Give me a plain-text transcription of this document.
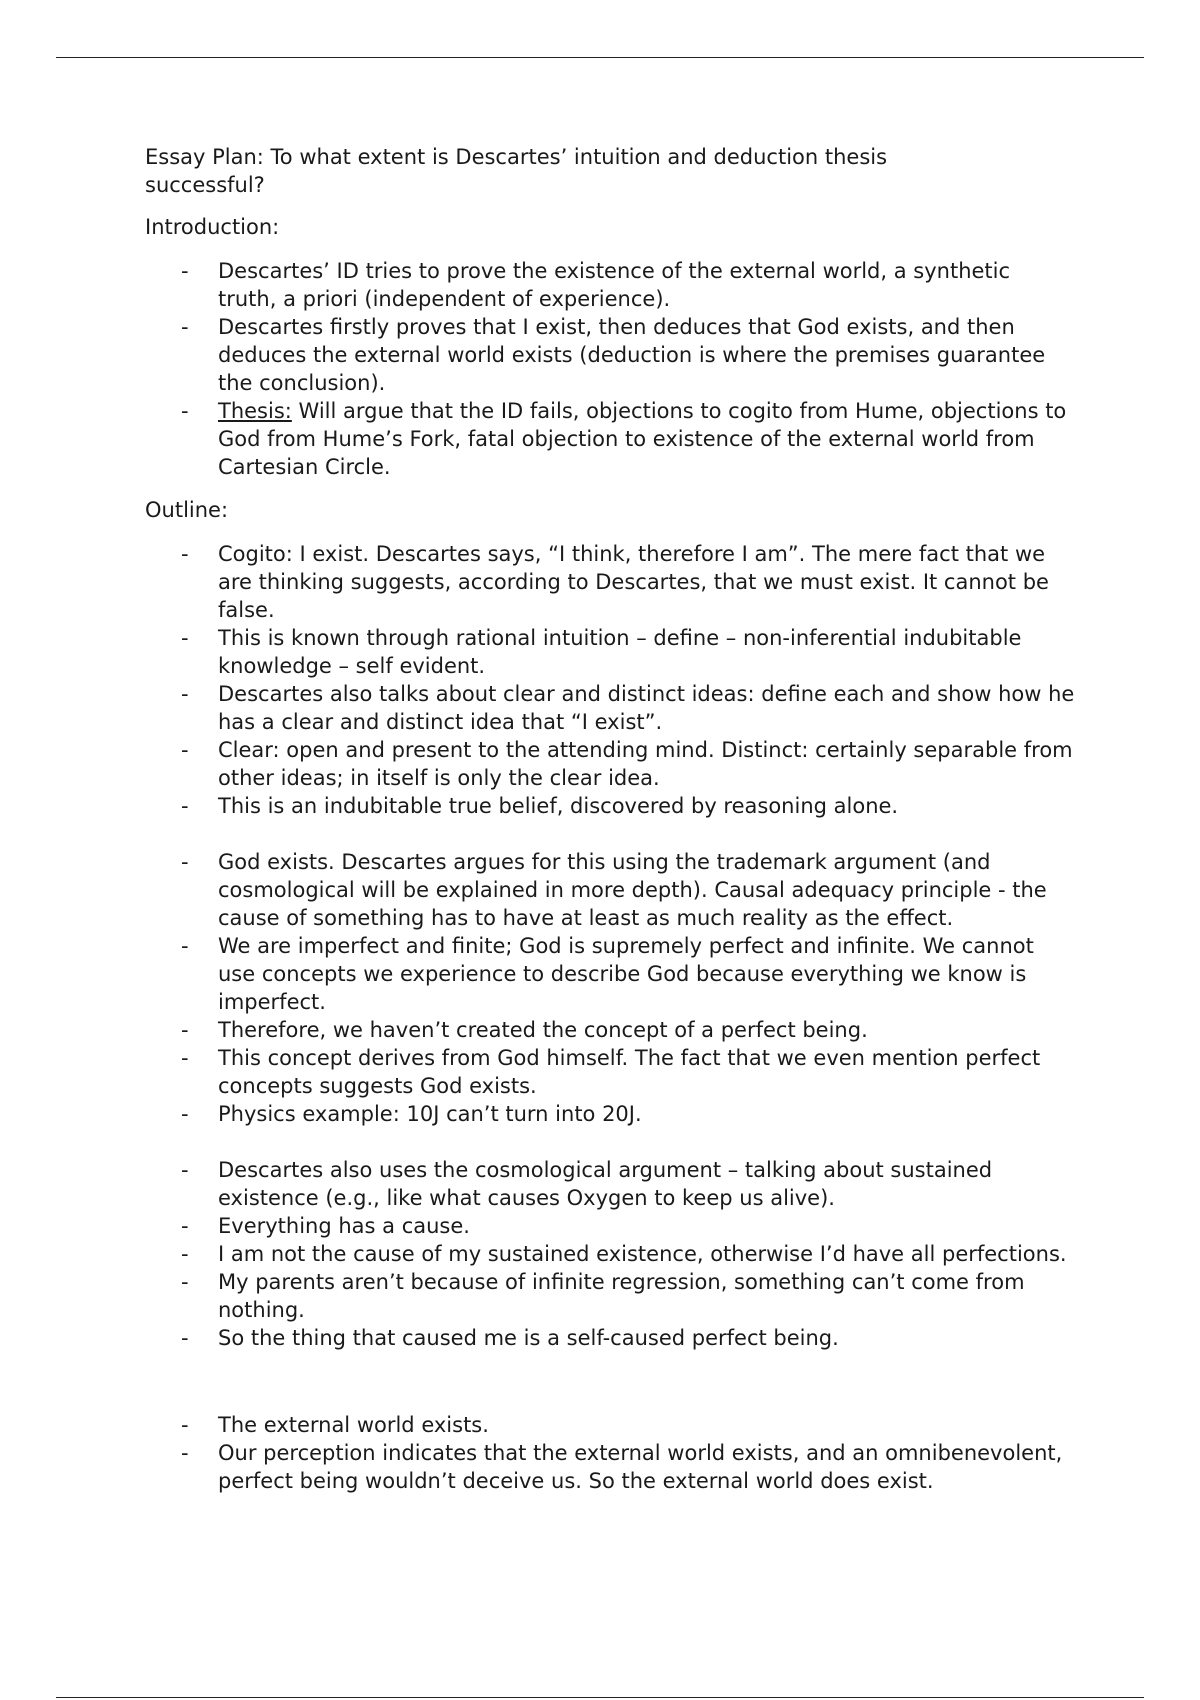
Essay Plan: To what extent is Descartes’ intuition and deduction thesis successful?

Introduction:

- Descartes’ ID tries to prove the existence of the external world, a synthetic truth, a priori (independent of experience).
- Descartes firstly proves that I exist, then deduces that God exists, and then deduces the external world exists (deduction is where the premises guarantee the conclusion).
- Thesis: Will argue that the ID fails, objections to cogito from Hume, objections to God from Hume’s Fork, fatal objection to existence of the external world from Cartesian Circle.

Outline:

- Cogito: I exist. Descartes says, “I think, therefore I am”. The mere fact that we are thinking suggests, according to Descartes, that we must exist. It cannot be false.
- This is known through rational intuition – define – non-inferential indubitable knowledge – self evident.
- Descartes also talks about clear and distinct ideas: define each and show how he has a clear and distinct idea that “I exist”.
- Clear: open and present to the attending mind. Distinct: certainly separable from other ideas; in itself is only the clear idea.
- This is an indubitable true belief, discovered by reasoning alone.
- God exists. Descartes argues for this using the trademark argument (and cosmological will be explained in more depth). Causal adequacy principle - the cause of something has to have at least as much reality as the effect.
- We are imperfect and finite; God is supremely perfect and infinite. We cannot use concepts we experience to describe God because everything we know is imperfect.
- Therefore, we haven’t created the concept of a perfect being.
- This concept derives from God himself. The fact that we even mention perfect concepts suggests God exists.
- Physics example: 10J can’t turn into 20J.
- Descartes also uses the cosmological argument – talking about sustained existence (e.g., like what causes Oxygen to keep us alive).
- Everything has a cause.
- I am not the cause of my sustained existence, otherwise I’d have all perfections.
- My parents aren’t because of infinite regression, something can’t come from nothing.
- So the thing that caused me is a self-caused perfect being.
- The external world exists.
- Our perception indicates that the external world exists, and an omnibenevolent, perfect being wouldn’t deceive us. So the external world does exist.
